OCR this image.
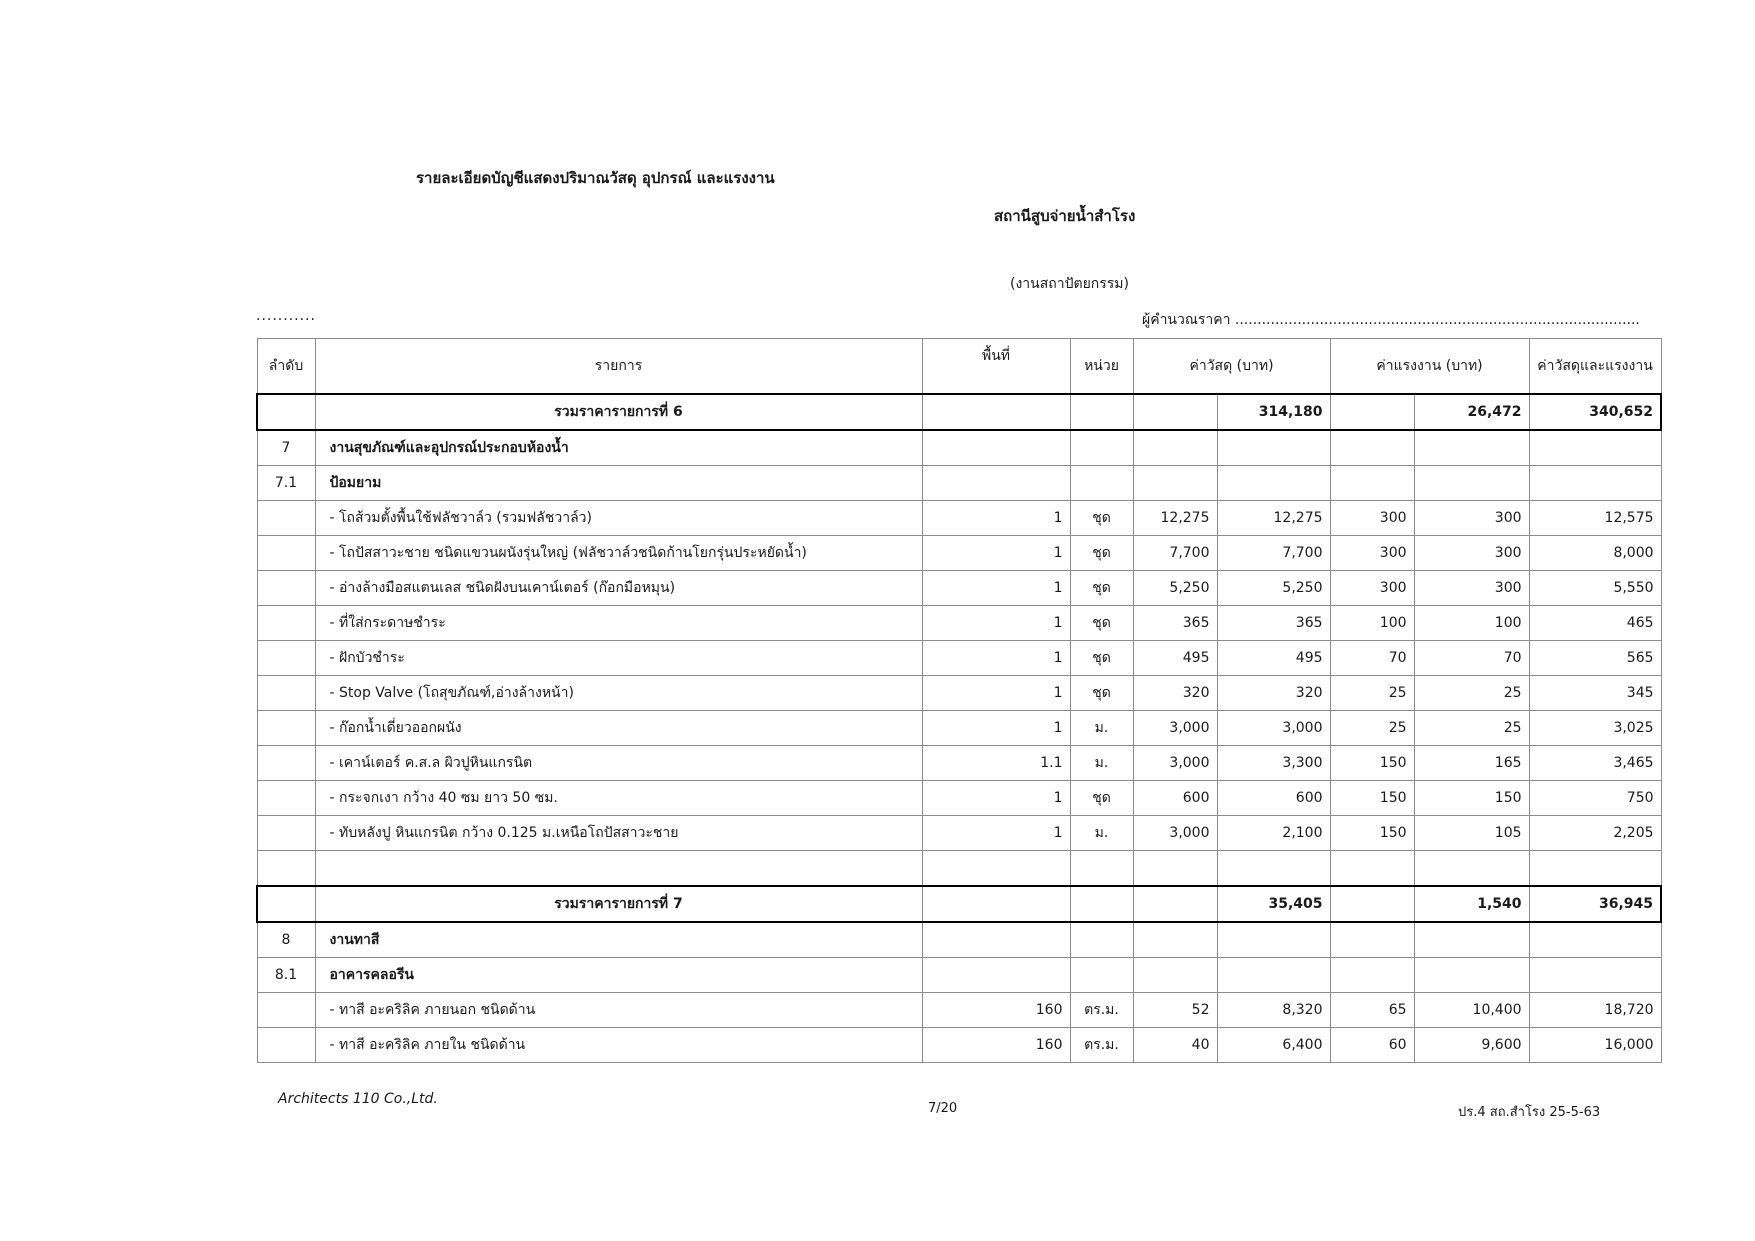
รายละเอียดบัญชีแสดงปริมาณวัสดุ อุปกรณ์ และแรงงาน
สถานีสูบจ่ายน้ำสำโรง
(งานสถาปัตยกรรม)
...........	ผู้คำนวณราคา ...........................................................................................
ลำดับ	รายการ	พื้นที่	หน่วย	ค่าวัสดุ (บาท)		ค่าแรงงาน (บาท)		ค่าวัสดุและแรงงาน
	รวมราคารายการที่ 6				314,180		26,472	340,652
7	งานสุขภัณฑ์และอุปกรณ์ประกอบห้องน้ำ							
7.1	ป้อมยาม							
	- โถส้วมตั้งพื้นใช้ฟลัชวาล์ว (รวมฟลัชวาล์ว)	1	ชุด	12,275	12,275	300	300	12,575
	- โถปัสสาวะชาย ชนิดแขวนผนังรุ่นใหญ่ (ฟลัชวาล์วชนิดก้านโยกรุ่นประหยัดน้ำ)	1	ชุด	7,700	7,700	300	300	8,000
	- อ่างล้างมือสแตนเลส ชนิดฝังบนเคาน์เตอร์ (ก๊อกมือหมุน)	1	ชุด	5,250	5,250	300	300	5,550
	- ที่ใส่กระดาษชำระ	1	ชุด	365	365	100	100	465
	- ฝักบัวชำระ	1	ชุด	495	495	70	70	565
	- Stop Valve (โถสุขภัณฑ์,อ่างล้างหน้า)	1	ชุด	320	320	25	25	345
	- ก๊อกน้ำเดี่ยวออกผนัง	1	ม.	3,000	3,000	25	25	3,025
	- เคาน์เตอร์ ค.ส.ล ผิวปูหินแกรนิต	1.1	ม.	3,000	3,300	150	165	3,465
	- กระจกเงา กว้าง 40 ซม ยาว 50 ซม.	1	ชุด	600	600	150	150	750
	- ทับหลังปู หินแกรนิต กว้าง 0.125 ม.เหนือโถปัสสาวะชาย	1	ม.	3,000	2,100	150	105	2,205

	รวมราคารายการที่ 7				35,405		1,540	36,945
8	งานทาสี							
8.1	อาคารคลอรีน							
	- ทาสี อะคริลิค ภายนอก ชนิดด้าน	160	ตร.ม.	52	8,320	65	10,400	18,720
	- ทาสี อะคริลิค ภายใน ชนิดด้าน	160	ตร.ม.	40	6,400	60	9,600	16,000
Architects 110 Co.,Ltd.
7/20	ปร.4 สถ.สำโรง 25-5-63
